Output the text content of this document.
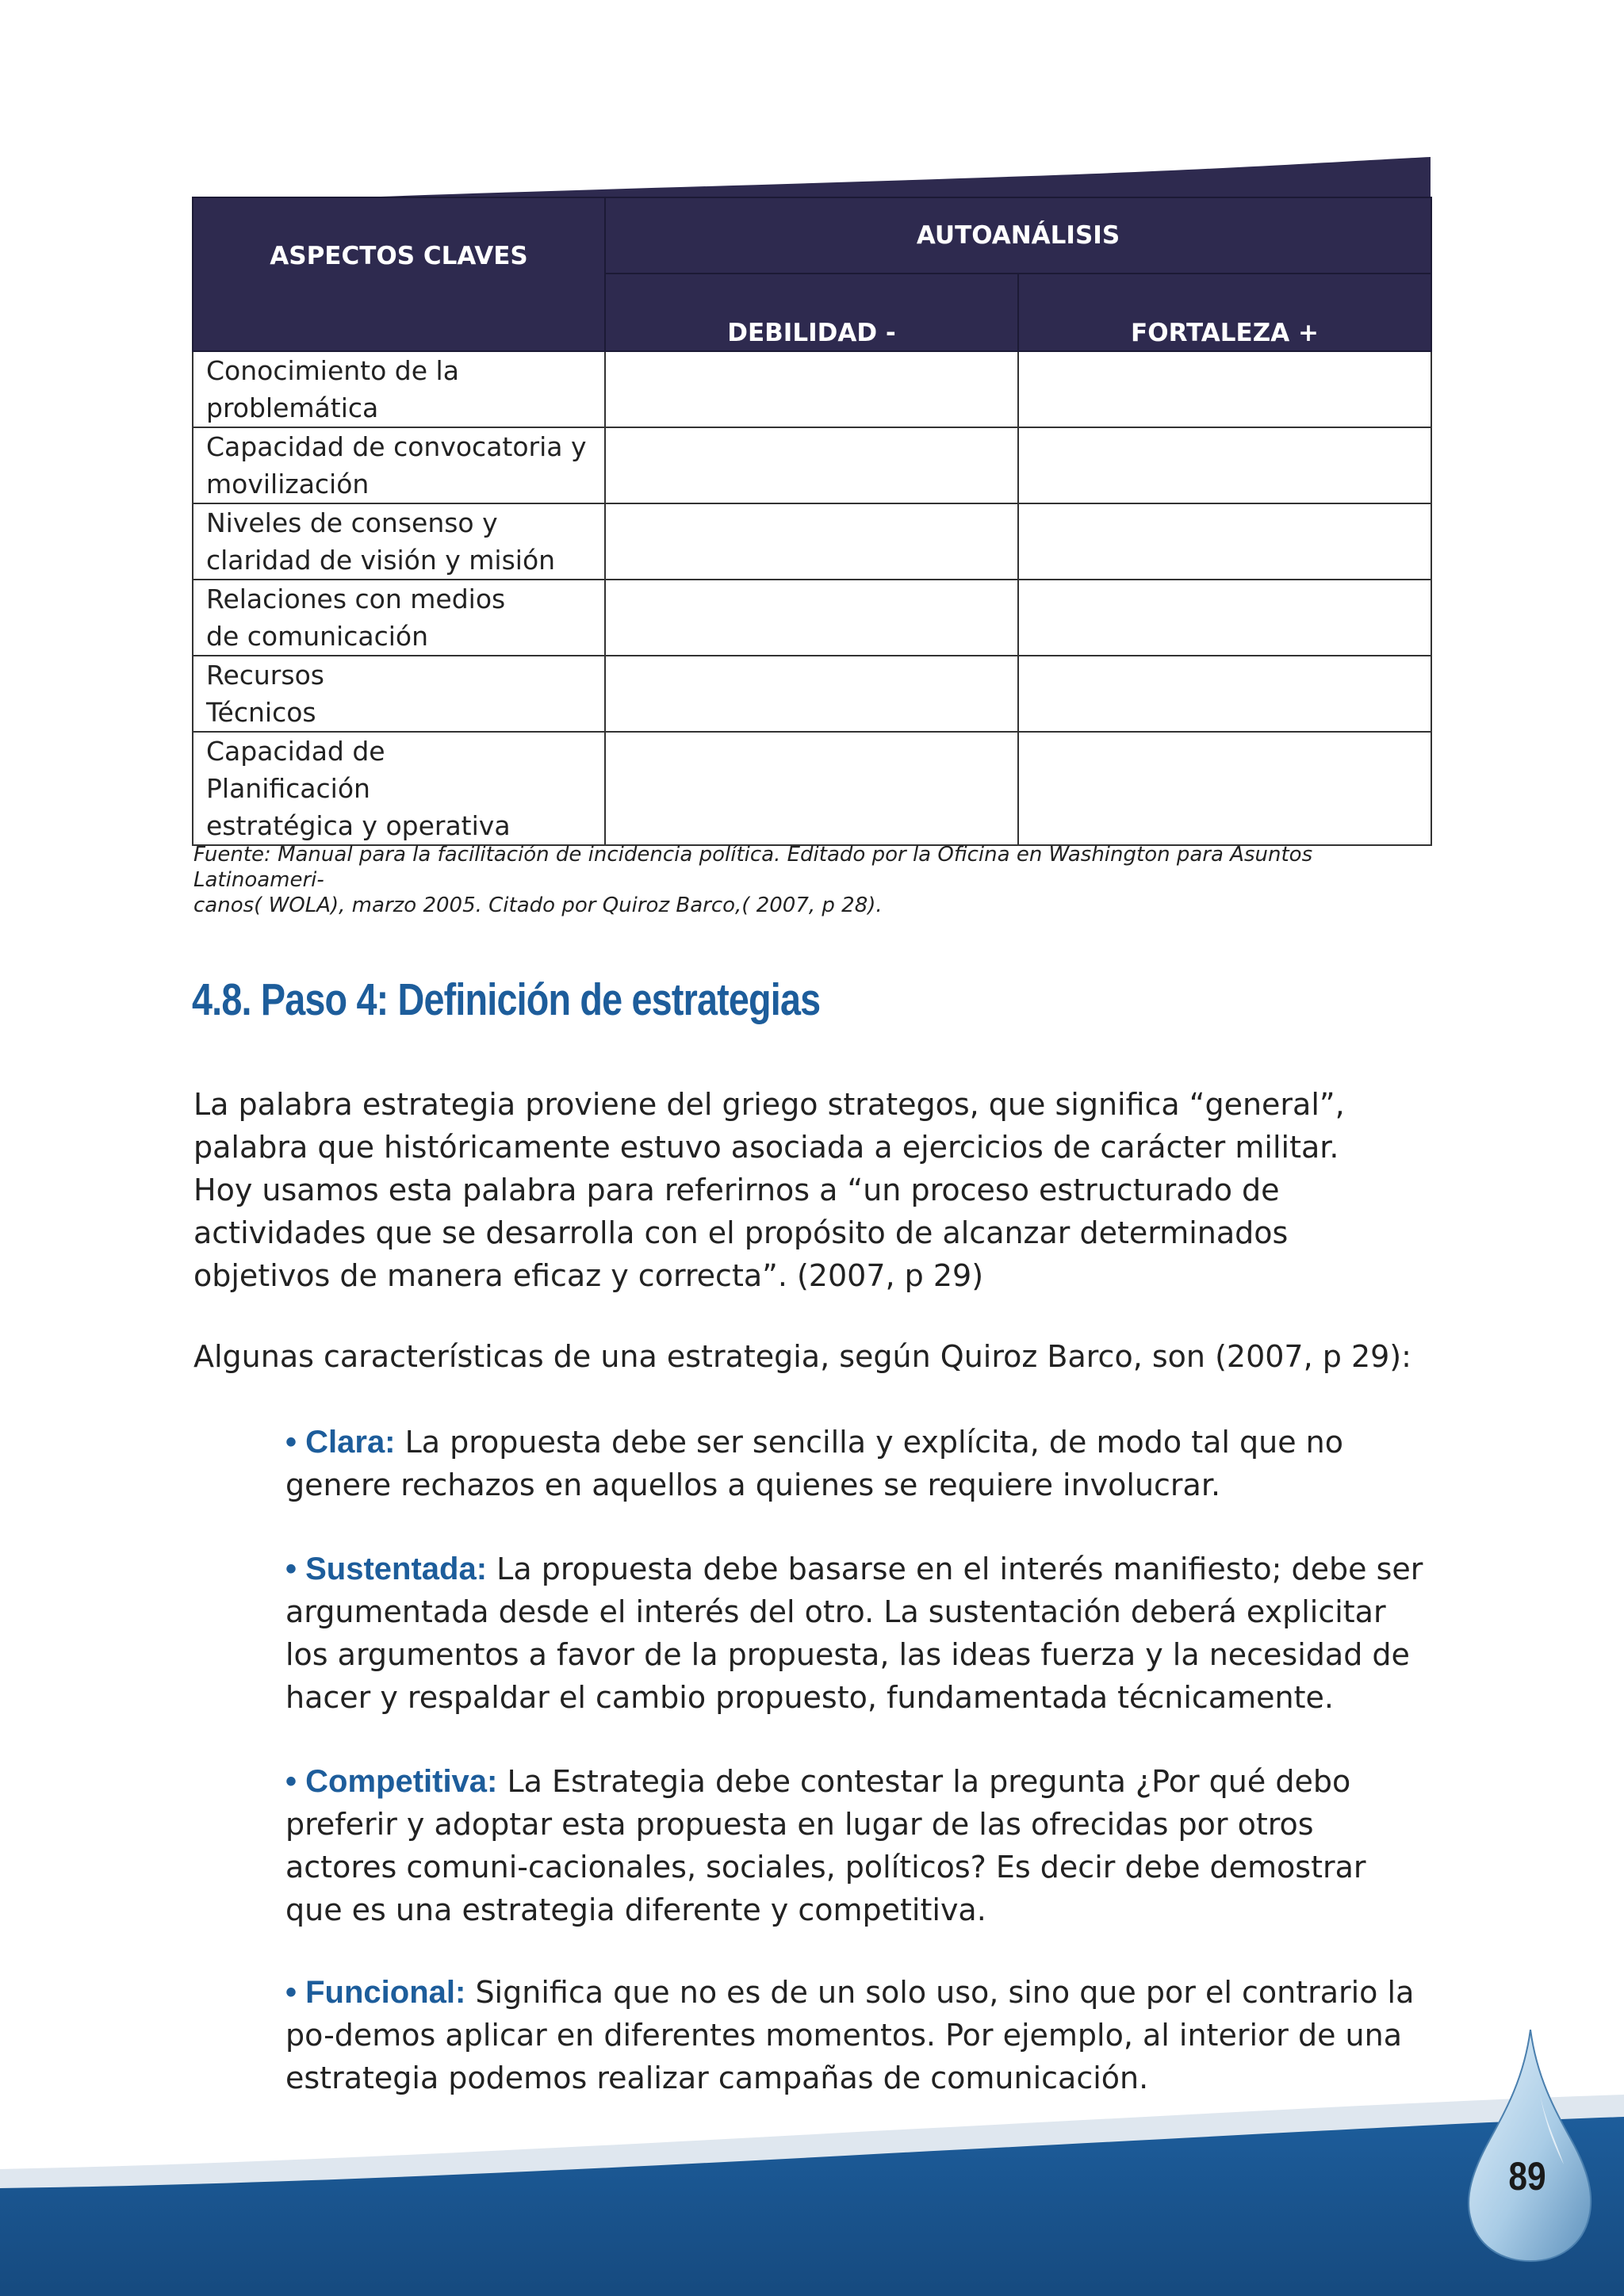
ASPECTOS CLAVES	AUTOANÁLISIS	
	DEBILIDAD -	FORTALEZA +

Conocimiento de la
problemática		

Capacidad de convocatoria y
movilización		

Niveles de consenso y
claridad de visión y misión		

Relaciones con medios
de comunicación		

Recursos
Técnicos		

Capacidad de
Planificación
estratégica y operativa		

Fuente: Manual para la facilitación de incidencia política. Editado por la Oficina en Washington para Asuntos Latinoameri-
canos( WOLA), marzo 2005. Citado por Quiroz Barco,( 2007, p 28).
4.8. Paso 4: Definición de estrategias

La palabra estrategia proviene del griego strategos, que significa “general”, palabra que históricamente estuvo asociada a ejercicios de carácter militar.

Hoy usamos esta palabra para referirnos a “un proceso estructurado de actividades que se desarrolla con el propósito de alcanzar determinados objetivos de manera eficaz y correcta”. (2007, p 29)

Algunas características de una estrategia, según Quiroz Barco, son (2007, p 29):

• Clara: La propuesta debe ser sencilla y explícita, de modo tal que no genere rechazos en aquellos a quienes se requiere involucrar.

• Sustentada: La propuesta debe basarse en el interés manifiesto; debe ser argumentada desde el interés del otro. La sustentación deberá explicitar los argumentos a favor de la propuesta, las ideas fuerza y la necesidad de hacer y respaldar el cambio propuesto, fundamentada técnicamente.

• Competitiva: La Estrategia debe contestar la pregunta ¿Por qué debo preferir y adoptar esta propuesta en lugar de las ofrecidas por otros actores comuni-cacionales, sociales, políticos? Es decir debe demostrar que es una estrategia diferente y competitiva.

• Funcional: Significa que no es de un solo uso, sino que por el contrario la po-demos aplicar en diferentes momentos. Por ejemplo, al interior de una estrategia podemos realizar campañas de comunicación.

89
